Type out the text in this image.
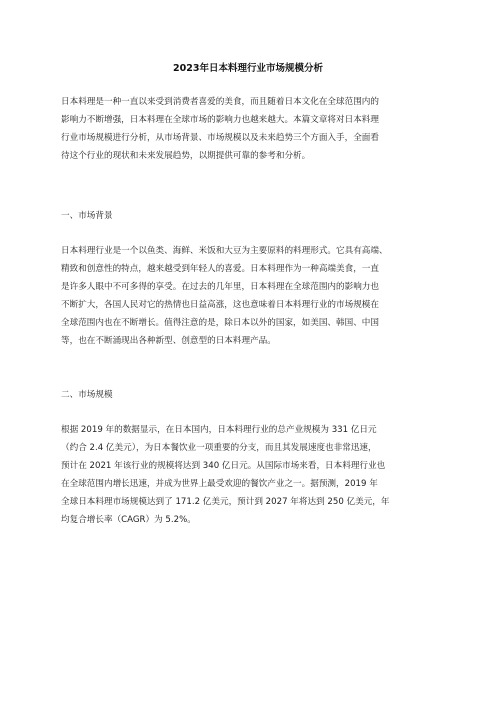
2023年日本料理行业市场规模分析
日本料理是一种一直以来受到消费者喜爱的美食，而且随着日本文化在全球范围内的
影响力不断增强，日本料理在全球市场的影响力也越来越大。本篇文章将对日本料理
行业市场规模进行分析，从市场背景、市场规模以及未来趋势三个方面入手，全面看
待这个行业的现状和未来发展趋势，以期提供可靠的参考和分析。
一、市场背景
日本料理行业是一个以鱼类、海鲜、米饭和大豆为主要原料的料理形式。它具有高端、
精致和创意性的特点，越来越受到年轻人的喜爱。日本料理作为一种高端美食，一直
是许多人眼中不可多得的享受。在过去的几年里，日本料理在全球范围内的影响力也
不断扩大，各国人民对它的热情也日益高涨，这也意味着日本料理行业的市场规模在
全球范围内也在不断增长。值得注意的是，除日本以外的国家，如美国、韩国、中国
等，也在不断涌现出各种新型、创意型的日本料理产品。
二、市场规模
根据 2019 年的数据显示，在日本国内，日本料理行业的总产业规模为 331 亿日元
（约合 2.4 亿美元），为日本餐饮业一项重要的分支，而且其发展速度也非常迅速，
预计在 2021 年该行业的规模将达到 340 亿日元。从国际市场来看，日本料理行业也
在全球范围内增长迅速，并成为世界上最受欢迎的餐饮产业之一。据预测，2019 年
全球日本料理市场规模达到了 171.2 亿美元，预计到 2027 年将达到 250 亿美元，年
均复合增长率（CAGR）为 5.2%。
